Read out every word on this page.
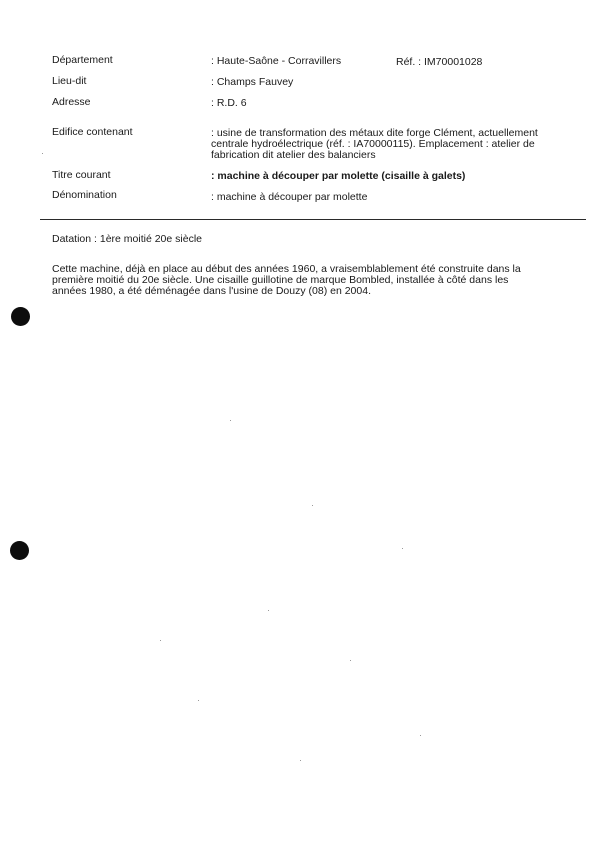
Département	: Haute-Saône - Corravillers	Réf. : IM70001028
Lieu-dit	: Champs Fauvey
Adresse	: R.D. 6
Edifice contenant	: usine de transformation des métaux dite forge Clément, actuellement centrale hydroélectrique (réf. : IA70000115). Emplacement : atelier de fabrication dit atelier des balanciers
Titre courant	: machine à découper par molette (cisaille à galets)
Dénomination	: machine à découper par molette
Datation : 1ère moitié 20e siècle
Cette machine, déjà en place au début des années 1960, a vraisemblablement été construite dans la première moitié du 20e siècle. Une cisaille guillotine de marque Bombled, installée à côté dans les années 1980, a été déménagée dans l'usine de Douzy (08) en 2004.
